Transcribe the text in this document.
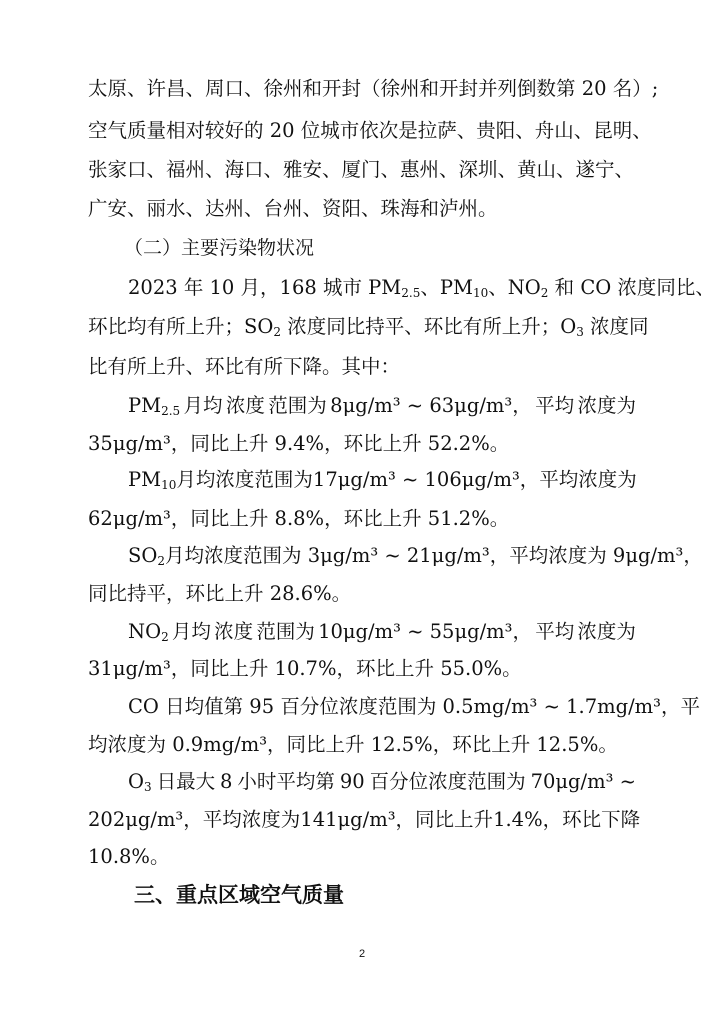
太原、许昌、周口、徐州和开封（徐州和开封并列倒数第 20 名）;
空气质量相对较好的 20 位城市依次是拉萨、贵阳、舟山、昆明、
张家口、福州、海口、雅安、厦门、惠州、深圳、黄山、遂宁、
广安、丽水、达州、台州、资阳、珠海和泸州。
（二）主要污染物状况
2023 年 10 月，168 城市 $PM_{2.5}$、$PM_{10}$、$NO_2$ 和 CO 浓度同比、
环比均有所上升；$SO_2$ 浓度同比持平、环比有所上升；$O_3$ 浓度同
比有所上升、环比有所下降。其中：
$PM_{2.5}$ 月均 浓度 范围为 8μg/m³ ~ 63μg/m³， 平均 浓度为
35μg/m³，同比上升 9.4%，环比上升 52.2%。
$PM_{10}$ 月均 浓度 范围为 17μg/m³ ~ 106μg/m³， 平均 浓度为
62μg/m³，同比上升 8.8%，环比上升 51.2%。
$SO_2$月均浓度范围为 3μg/m³ ~ 21μg/m³，平均浓度为 9μg/m³，
同比持平，环比上升 28.6%。
$NO_2$ 月均 浓度 范围为 10μg/m³ ~ 55μg/m³， 平均 浓度为
31μg/m³，同比上升 10.7%，环比上升 55.0%。
CO 日均值第 95 百分位浓度范围为 0.5mg/m³ ~ 1.7mg/m³，平
均浓度为 0.9mg/m³，同比上升 12.5%，环比上升 12.5%。
$O_3$ 日最大 8 小时平均第 90 百分位浓度范围为 70μg/m³ ~
202μg/m³， 平均浓度为 141μg/m³， 同比上升 1.4%， 环比下降
10.8%。
三、重点区域空气质量
2
